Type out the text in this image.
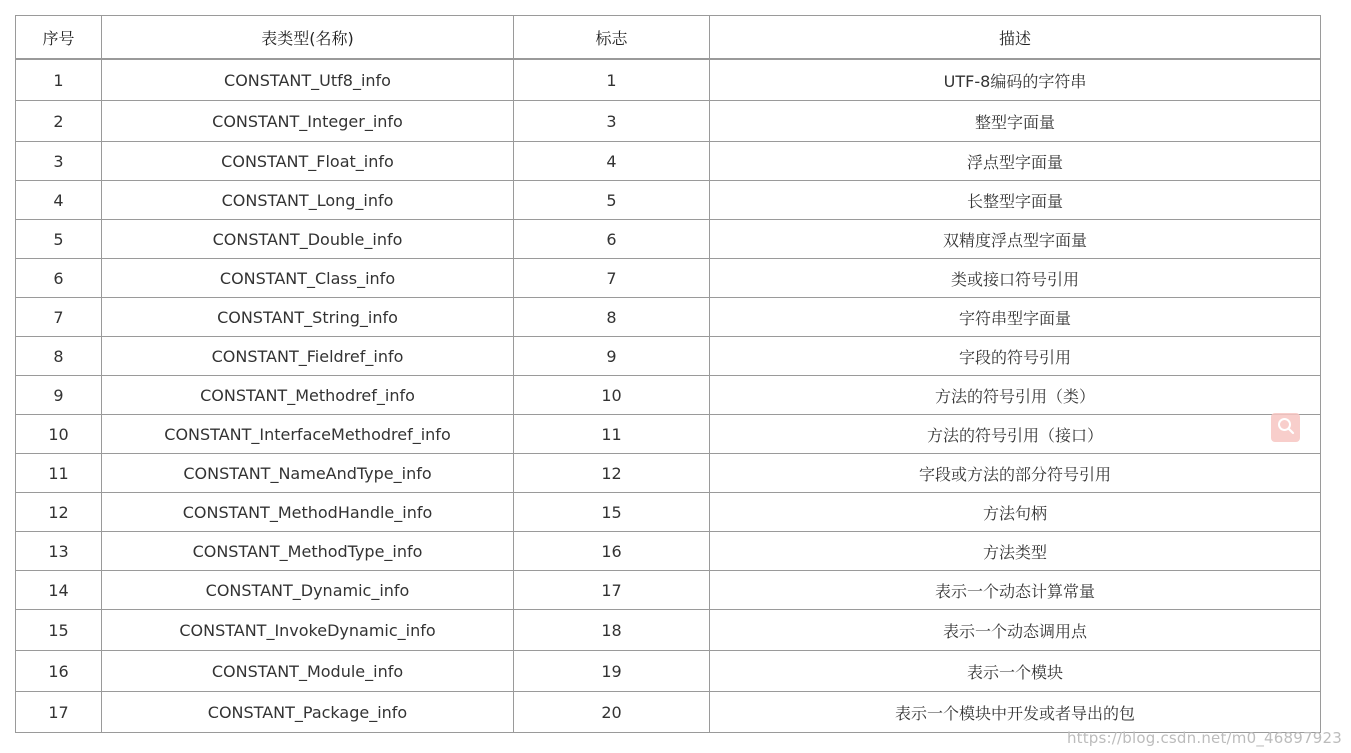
序号	表类型(名称)	标志	描述
1	CONSTANT_Utf8_info	1	UTF-8编码的字符串
2	CONSTANT_Integer_info	3	整型字面量
3	CONSTANT_Float_info	4	浮点型字面量
4	CONSTANT_Long_info	5	长整型字面量
5	CONSTANT_Double_info	6	双精度浮点型字面量
6	CONSTANT_Class_info	7	类或接口符号引用
7	CONSTANT_String_info	8	字符串型字面量
8	CONSTANT_Fieldref_info	9	字段的符号引用
9	CONSTANT_Methodref_info	10	方法的符号引用（类）
10	CONSTANT_InterfaceMethodref_info	11	方法的符号引用（接口）
11	CONSTANT_NameAndType_info	12	字段或方法的部分符号引用
12	CONSTANT_MethodHandle_info	15	方法句柄
13	CONSTANT_MethodType_info	16	方法类型
14	CONSTANT_Dynamic_info	17	表示一个动态计算常量
15	CONSTANT_InvokeDynamic_info	18	表示一个动态调用点
16	CONSTANT_Module_info	19	表示一个模块
17	CONSTANT_Package_info	20	表示一个模块中开发或者导出的包
https://blog.csdn.net/m0_46897923
